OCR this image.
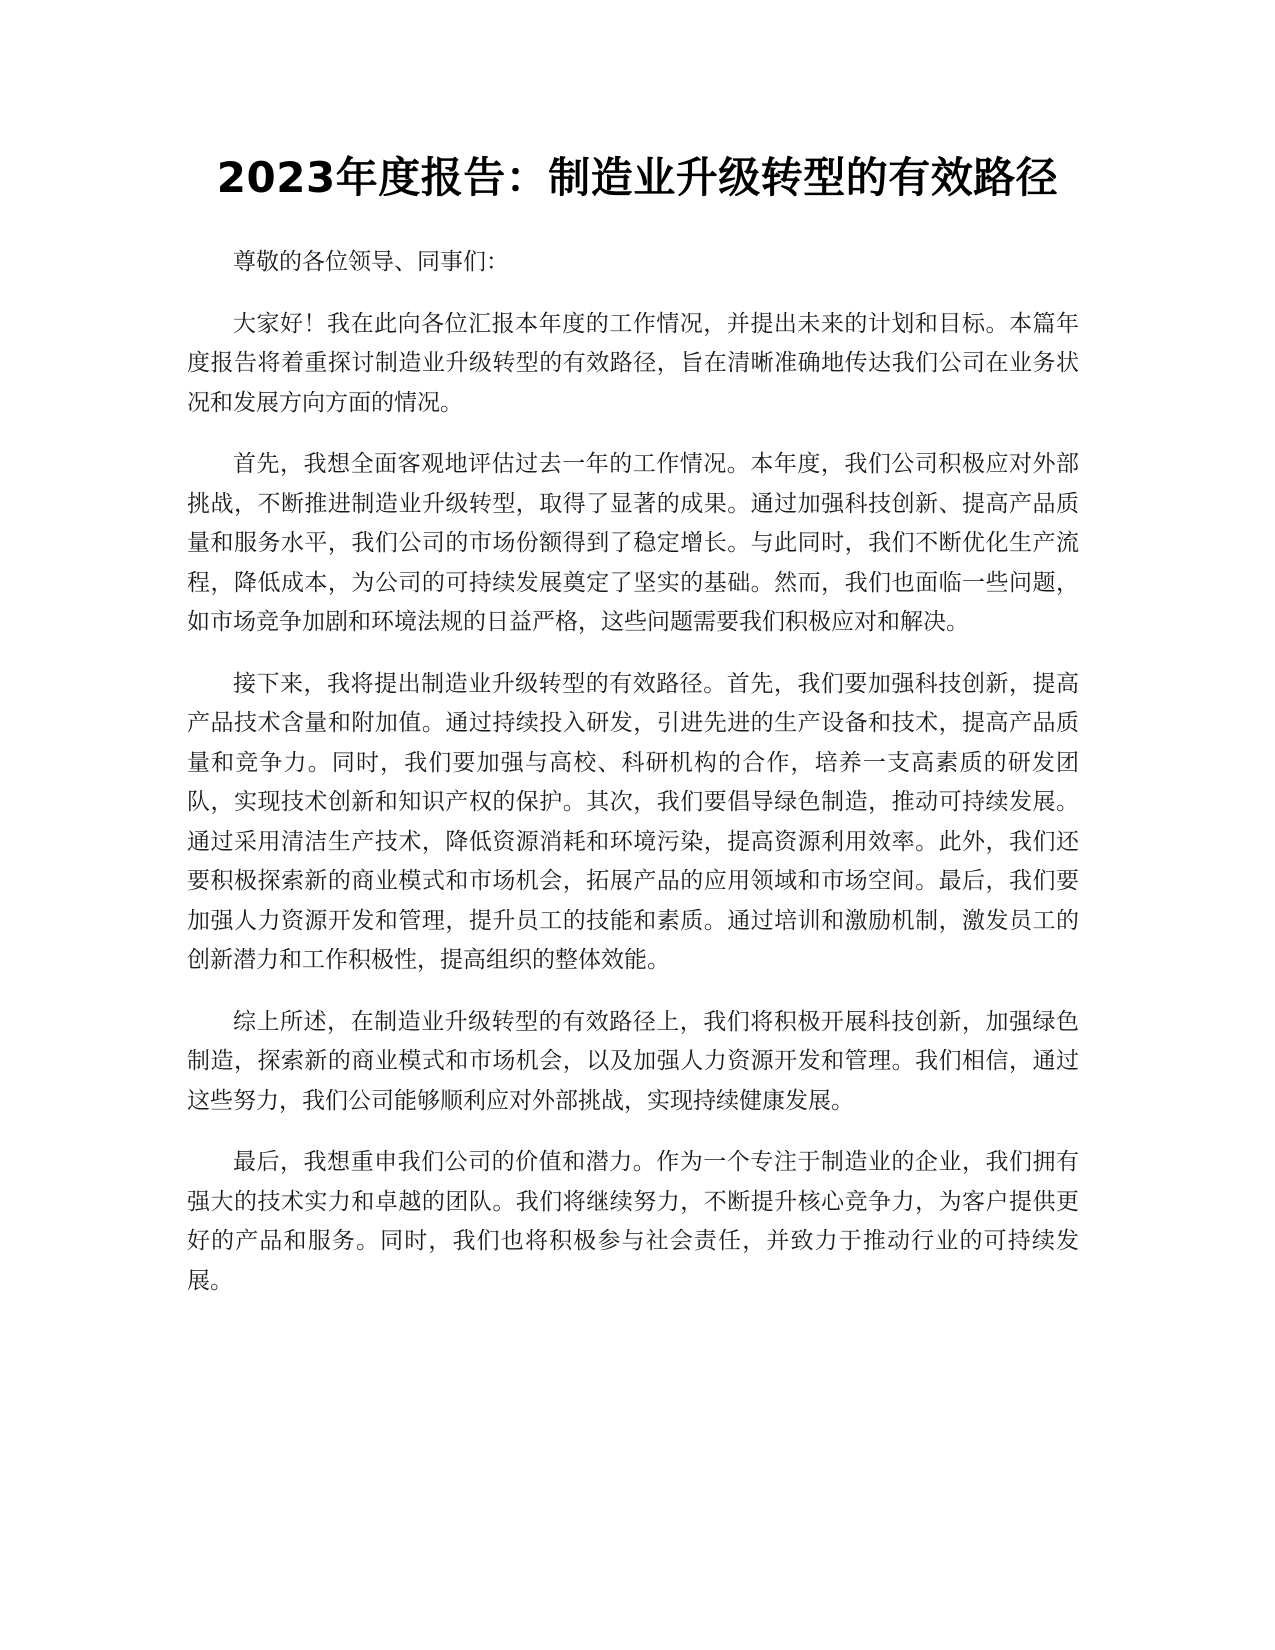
2023年度报告：制造业升级转型的有效路径

尊敬的各位领导、同事们：

大家好！我在此向各位汇报本年度的工作情况，并提出未来的计划和目标。本篇年度报告将着重探讨制造业升级转型的有效路径，旨在清晰准确地传达我们公司在业务状况和发展方向方面的情况。

首先，我想全面客观地评估过去一年的工作情况。本年度，我们公司积极应对外部挑战，不断推进制造业升级转型，取得了显著的成果。通过加强科技创新、提高产品质量和服务水平，我们公司的市场份额得到了稳定增长。与此同时，我们不断优化生产流程，降低成本，为公司的可持续发展奠定了坚实的基础。然而，我们也面临一些问题，如市场竞争加剧和环境法规的日益严格，这些问题需要我们积极应对和解决。

接下来，我将提出制造业升级转型的有效路径。首先，我们要加强科技创新，提高产品技术含量和附加值。通过持续投入研发，引进先进的生产设备和技术，提高产品质量和竞争力。同时，我们要加强与高校、科研机构的合作，培养一支高素质的研发团队，实现技术创新和知识产权的保护。其次，我们要倡导绿色制造，推动可持续发展。通过采用清洁生产技术，降低资源消耗和环境污染，提高资源利用效率。此外，我们还要积极探索新的商业模式和市场机会，拓展产品的应用领域和市场空间。最后，我们要加强人力资源开发和管理，提升员工的技能和素质。通过培训和激励机制，激发员工的创新潜力和工作积极性，提高组织的整体效能。

综上所述，在制造业升级转型的有效路径上，我们将积极开展科技创新，加强绿色制造，探索新的商业模式和市场机会，以及加强人力资源开发和管理。我们相信，通过这些努力，我们公司能够顺利应对外部挑战，实现持续健康发展。

最后，我想重申我们公司的价值和潜力。作为一个专注于制造业的企业，我们拥有强大的技术实力和卓越的团队。我们将继续努力，不断提升核心竞争力，为客户提供更好的产品和服务。同时，我们也将积极参与社会责任，并致力于推动行业的可持续发展。
